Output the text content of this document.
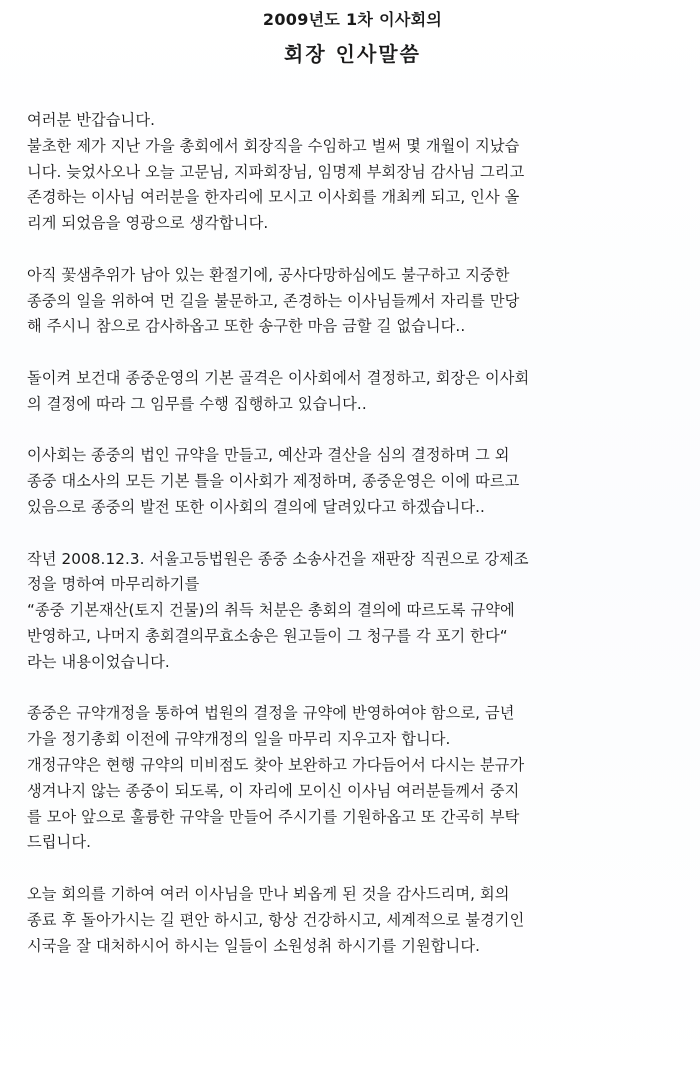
2009년도 1차 이사회의
회장 인사말씀
여러분 반갑습니다.
불초한 제가 지난 가을 총회에서 회장직을 수임하고 벌써 몇 개월이 지났습
니다. 늦었사오나 오늘 고문님, 지파회장님, 임명제 부회장님 감사님 그리고
존경하는 이사님 여러분을 한자리에 모시고 이사회를 개최케 되고, 인사 올
리게 되었음을 영광으로 생각합니다.
아직 꽃샘추위가 남아 있는 환절기에, 공사다망하심에도 불구하고 지중한
종중의 일을 위하여 먼 길을 불문하고, 존경하는 이사님들께서 자리를 만당
해 주시니 참으로 감사하옵고 또한 송구한 마음 금할 길 없습니다..
돌이켜 보건대 종중운영의 기본 골격은 이사회에서 결정하고, 회장은 이사회
의 결정에 따라 그 임무를 수행 집행하고 있습니다..
이사회는 종중의 법인 규약을 만들고, 예산과 결산을 심의 결정하며 그 외
종중 대소사의 모든 기본 틀을 이사회가 제정하며, 종중운영은 이에 따르고
있음으로 종중의 발전 또한 이사회의 결의에 달려있다고 하겠습니다..
작년 2008.12.3. 서울고등법원은 종중 소송사건을 재판장 직권으로 강제조
정을 명하여 마무리하기를
“종중 기본재산(토지 건물)의 취득 처분은 총회의 결의에 따르도록 규약에
반영하고, 나머지 총회결의무효소송은 원고들이 그 청구를 각 포기 한다“
라는 내용이었습니다.
종중은 규약개정을 통하여 법원의 결정을 규약에 반영하여야 함으로, 금년
가을 정기총회 이전에 규약개정의 일을 마무리 지우고자 합니다.
개정규약은 현행 규약의 미비점도 찾아 보완하고 가다듬어서 다시는 분규가
생겨나지 않는 종중이 되도록, 이 자리에 모이신 이사님 여러분들께서 중지
를 모아 앞으로 훌륭한 규약을 만들어 주시기를 기원하옵고 또 간곡히 부탁
드립니다.
오늘 회의를 기하여 여러 이사님을 만나 뵈옵게 된 것을 감사드리며, 회의
종료 후 돌아가시는 길 편안 하시고, 항상 건강하시고, 세계적으로 불경기인
시국을 잘 대처하시어 하시는 일들이 소원성취 하시기를 기원합니다.
